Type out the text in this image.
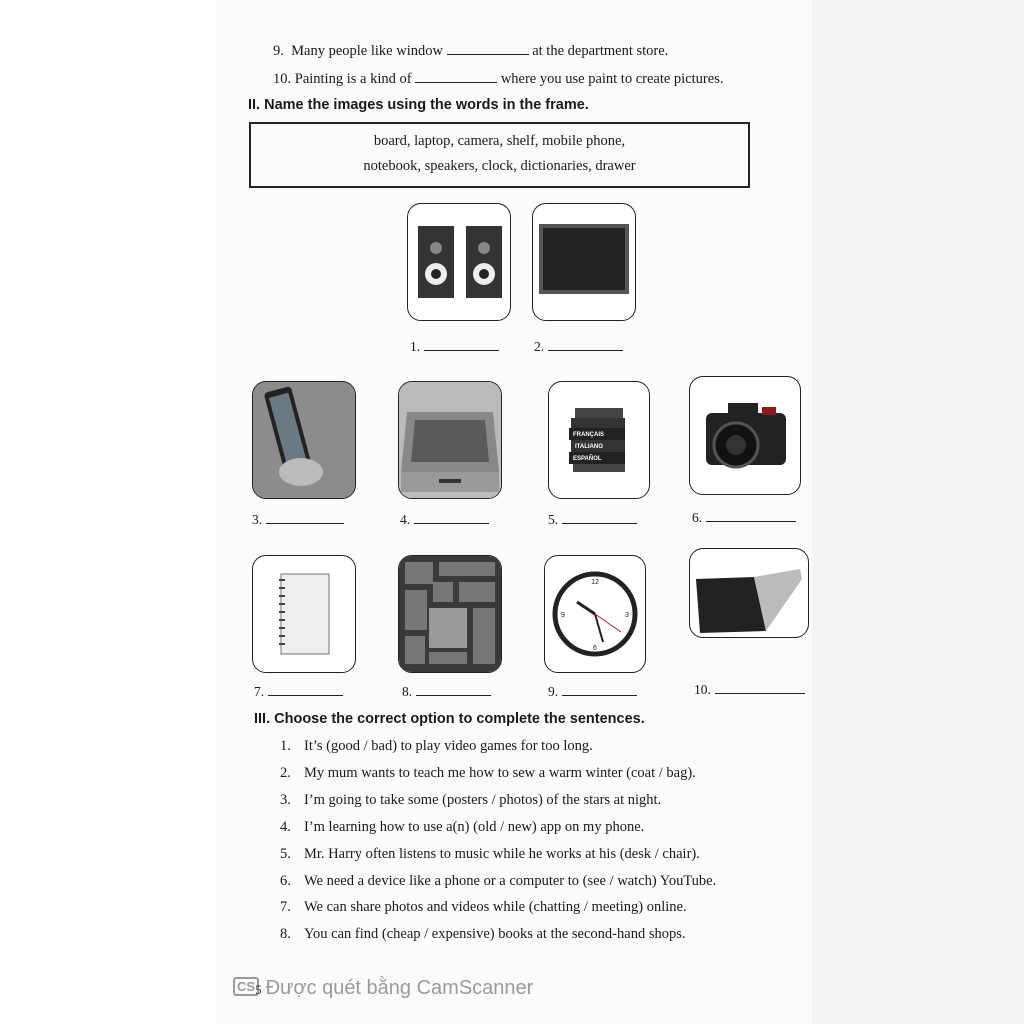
9. Many people like window	at the department store.
10. Painting is a kind of	where you use paint to create pictures.
II. Name the images using the words in the frame.
board, laptop, camera, shelf, mobile phone,
notebook, speakers, clock, dictionaries, drawer
1.	2.
FRANÇAIS
ITALIANO
ESPAÑOL
3.	4.	5.	6.
12
6
3
9
7.	8.	9.	10.
III. Choose the correct option to complete the sentences.
1. It’s (good / bad) to play video games for too long.
2. My mum wants to teach me how to sew a warm winter (coat / bag).
3. I’m going to take some (posters / photos) of the stars at night.
4. I’m learning how to use a(n) (old / new) app on my phone.
5. Mr. Harry often listens to music while he works at his (desk / chair).
6. We need a device like a phone or a computer to (see / watch) YouTube.
7. We can share photos and videos while (chatting / meeting) online.
8. You can find (cheap / expensive) books at the second-hand shops.
CS5 Được quét bằng CamScanner
